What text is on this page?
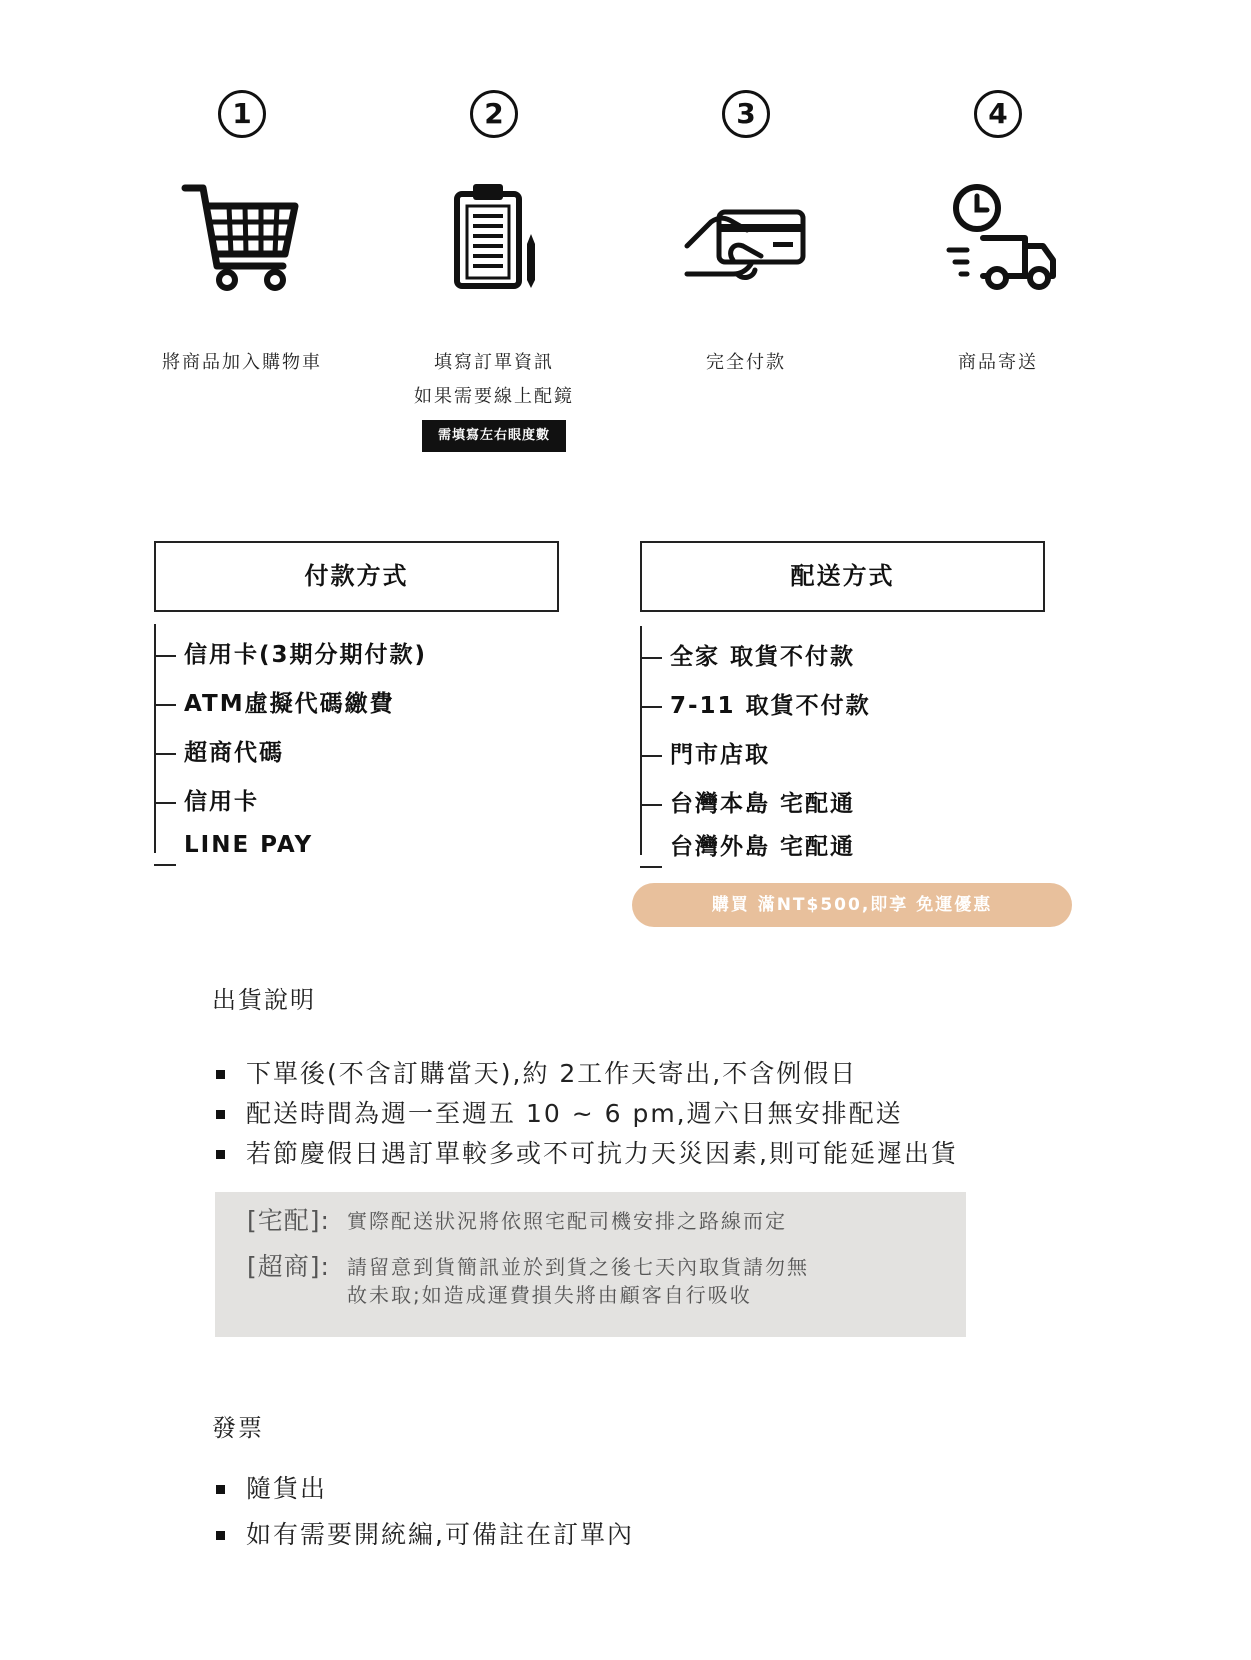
1
將商品加入購物車
2
填寫訂單資訊
如果需要線上配鏡
需填寫左右眼度數
3
完全付款
4
商品寄送
付款方式
信用卡(3期分期付款)
ATM虛擬代碼繳費
超商代碼
信用卡
LINE PAY
配送方式
全家 取貨不付款
7-11 取貨不付款
門市店取
台灣本島 宅配通
台灣外島 宅配通
購買 滿NT$500,即享 免運優惠
出貨說明
下單後(不含訂購當天),約 2工作天寄出,不含例假日
配送時間為週一至週五 10 ~ 6 pm,週六日無安排配送
若節慶假日遇訂單較多或不可抗力天災因素,則可能延遲出貨
[宅配]: 實際配送狀況將依照宅配司機安排之路線而定
[超商]: 請留意到貨簡訊並於到貨之後七天內取貨請勿無
故未取;如造成運費損失將由顧客自行吸收
發票
隨貨出
如有需要開統編,可備註在訂單內
